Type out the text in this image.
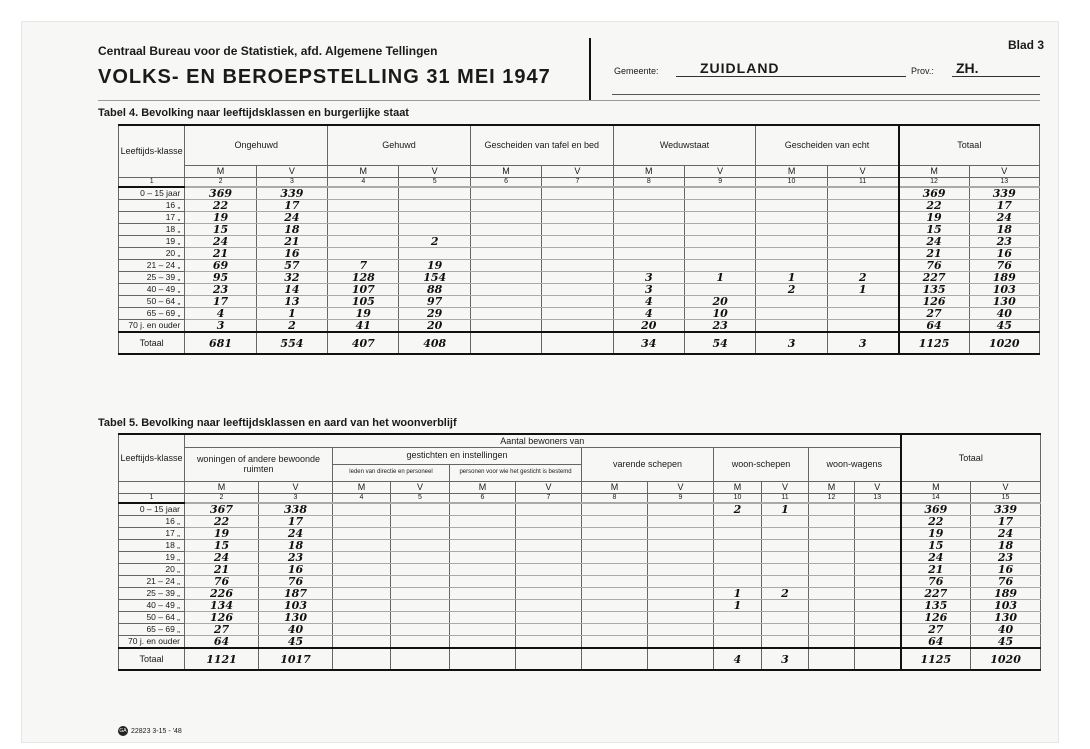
Centraal Bureau voor de Statistiek, afd. Algemene Tellingen
VOLKS- EN BEROEPSTELLING 31 MEI 1947
Blad 3
Gemeente:	ZUIDLAND	Prov.: ZH.
Tabel 4. Bevolking naar leeftijdsklassen en burgerlijke staat
Leeftijds-klasse	Ongehuwd		Gehuwd		Gescheiden van tafel en bed		Weduwstaat		Gescheiden van echt		Totaal	
	M	V	M	V	M	V	M	V	M	V	M	V
1	2	3	4	5	6	7	8	9	10	11	12	13
0 – 15 jaar	369	339									369	339
16 „	22	17									22	17
17 „	19	24									19	24
18 „	15	18									15	18
19 „	24	21		2							24	23
20 „	21	16									21	16
21 – 24 „	69	57	7	19							76	76
25 – 39 „	95	32	128	154			3	1	1	2	227	189
40 – 49 „	23	14	107	88			3		2	1	135	103
50 – 64 „	17	13	105	97			4	20			126	130
65 – 69 „	4	1	19	29			4	10			27	40
70 j. en ouder	3	2	41	20			20	23			64	45
Totaal	681	554	407	408			34	54	3	3	1125	1020
Tabel 5. Bevolking naar leeftijdsklassen en aard van het woonverblijf
Leeftijds-klasse	Aantal bewoners van												Totaal	
	woningen of andere bewoonde ruimten		gestichten en instellingen				varende schepen		woon-schepen		woon-wagens			
			leden van directie en personeel		personen voor wie het gesticht is bestemd									
	M	V	M	V	M	V	M	V	M	V	M	V	M	V
1	2	3	4	5	6	7	8	9	10	11	12	13	14	15
0 – 15 jaar	367	338							2	1			369	339
16 „	22	17											22	17
17 „	19	24											19	24
18 „	15	18											15	18
19 „	24	23											24	23
20 „	21	16											21	16
21 – 24 „	76	76											76	76
25 – 39 „	226	187							1	2			227	189
40 – 49 „	134	103							1				135	103
50 – 64 „	126	130											126	130
65 – 69 „	27	40											27	40
70 j. en ouder	64	45											64	45
Totaal	1121	1017							4	3			1125	1020
GA 22823 3-15 - '48
